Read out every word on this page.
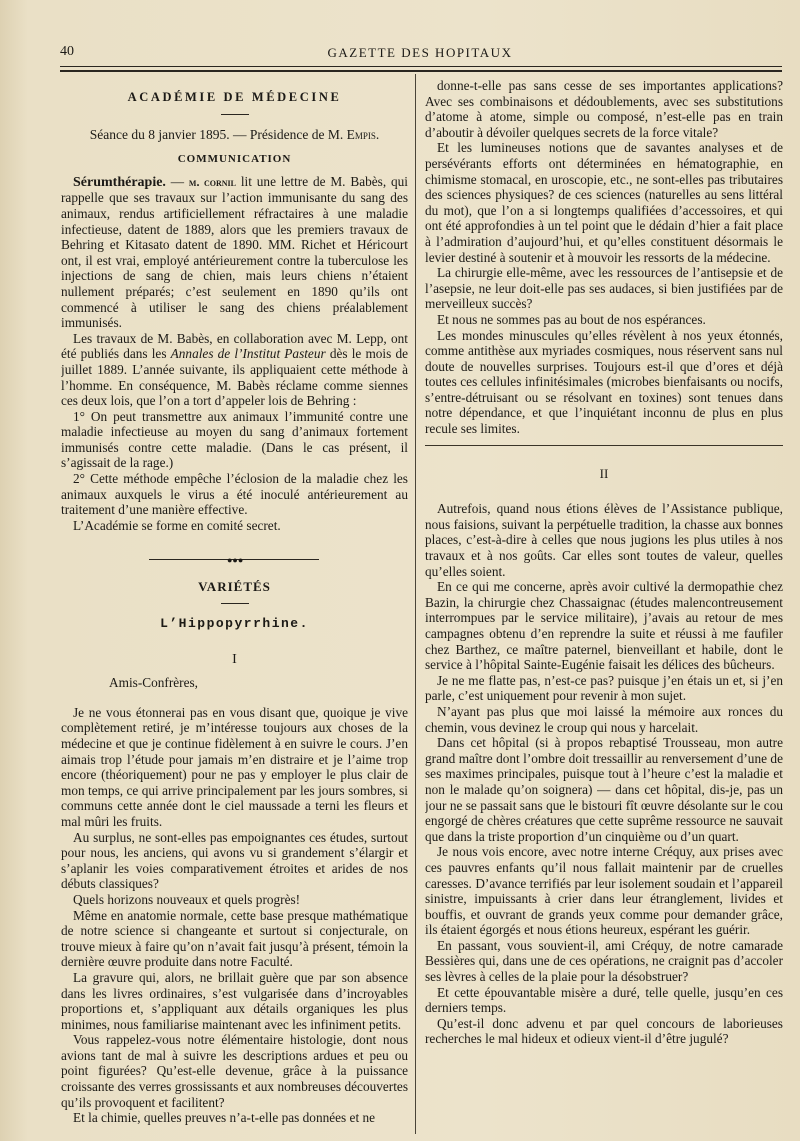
40	GAZETTE DES HOPITAUX
ACADÉMIE DE MÉDECINE

Séance du 8 janvier 1895. — Présidence de M. Empis.

COMMUNICATION

Sérumthérapie. — m. cornil lit une lettre de M. Babès, qui rappelle que ses travaux sur l’action immunisante du sang des animaux, rendus artificiellement réfractaires à une maladie infectieuse, datent de 1889, alors que les premiers travaux de Behring et Kitasato datent de 1890. MM. Richet et Héricourt ont, il est vrai, employé antérieurement contre la tuberculose les injections de sang de chien, mais leurs chiens n’étaient nullement préparés; c’est seulement en 1890 qu’ils ont commencé à utiliser le sang des chiens préalablement immunisés.

Les travaux de M. Babès, en collaboration avec M. Lepp, ont été publiés dans les Annales de l’Institut Pasteur dès le mois de juillet 1889. L’année suivante, ils appliquaient cette méthode à l’homme. En conséquence, M. Babès réclame comme siennes ces deux lois, que l’on a tort d’appeler lois de Behring :

1° On peut transmettre aux animaux l’immunité contre une maladie infectieuse au moyen du sang d’animaux fortement immunisés contre cette maladie. (Dans le cas présent, il s’agissait de la rage.)

2° Cette méthode empêche l’éclosion de la maladie chez les animaux auxquels le virus a été inoculé antérieurement au traitement d’une manière effective.

L’Académie se forme en comité secret.

●●●
VARIÉTÉS
L’Hippopyrrhine.
I

Amis-Confrères,

Je ne vous étonnerai pas en vous disant que, quoique je vive complètement retiré, je m’intéresse toujours aux choses de la médecine et que je continue fidèlement à en suivre le cours. J’en aimais trop l’étude pour jamais m’en distraire et je l’aime trop encore (théoriquement) pour ne pas y employer le plus clair de mon temps, ce qui arrive principalement par les jours sombres, si communs cette année dont le ciel maussade a terni les fleurs et mal mûri les fruits.

Au surplus, ne sont-elles pas empoignantes ces études, surtout pour nous, les anciens, qui avons vu si grandement s’élargir et s’aplanir les voies comparativement étroites et arides de nos débuts classiques?

Quels horizons nouveaux et quels progrès!

Même en anatomie normale, cette base presque mathématique de notre science si changeante et surtout si conjecturale, on trouve mieux à faire qu’on n’avait fait jusqu’à présent, témoin la dernière œuvre produite dans notre Faculté.

La gravure qui, alors, ne brillait guère que par son absence dans les livres ordinaires, s’est vulgarisée dans d’incroyables proportions et, s’appliquant aux détails organiques les plus minimes, nous familiarise maintenant avec les infiniment petits.

Vous rappelez-vous notre élémentaire histologie, dont nous avions tant de mal à suivre les descriptions ardues et peu ou point figurées? Qu’est-elle devenue, grâce à la puissance croissante des verres grossissants et aux nombreuses découvertes qu’ils provoquent et facilitent?

Et la chimie, quelles preuves n’a-t-elle pas données et ne

donne-t-elle pas sans cesse de ses importantes applications? Avec ses combinaisons et dédoublements, avec ses substitutions d’atome à atome, simple ou composé, n’est-elle pas en train d’aboutir à dévoiler quelques secrets de la force vitale?

Et les lumineuses notions que de savantes analyses et de persévérants efforts ont déterminées en hématographie, en chimisme stomacal, en uroscopie, etc., ne sont-elles pas tributaires des sciences physiques? de ces sciences (naturelles au sens littéral du mot), que l’on a si longtemps qualifiées d’accessoires, et qui ont été approfondies à un tel point que le dédain d’hier a fait place à l’admiration d’aujourd’hui, et qu’elles constituent désormais le levier destiné à soutenir et à mouvoir les ressorts de la médecine.

La chirurgie elle-même, avec les ressources de l’antisepsie et de l’asepsie, ne leur doit-elle pas ses audaces, si bien justifiées par de merveilleux succès?

Et nous ne sommes pas au bout de nos espérances.

Les mondes minuscules qu’elles révèlent à nos yeux étonnés, comme antithèse aux myriades cosmiques, nous réservent sans nul doute de nouvelles surprises. Toujours est-il que d’ores et déjà toutes ces cellules infinitésimales (microbes bienfaisants ou nocifs, s’entre-détruisant ou se résolvant en toxines) sont tenues dans notre dépendance, et que l’inquiétant inconnu de plus en plus recule ses limites.

II

Autrefois, quand nous étions élèves de l’Assistance publique, nous faisions, suivant la perpétuelle tradition, la chasse aux bonnes places, c’est-à-dire à celles que nous jugions les plus utiles à nos travaux et à nos goûts. Car elles sont toutes de valeur, quelles qu’elles soient.

En ce qui me concerne, après avoir cultivé la dermopathie chez Bazin, la chirurgie chez Chassaignac (études malencontreusement interrompues par le service militaire), j’avais au retour de mes campagnes obtenu d’en reprendre la suite et réussi à me faufiler chez Barthez, ce maître paternel, bienveillant et habile, dont le service à l’hôpital Sainte-Eugénie faisait les délices des bûcheurs.

Je ne me flatte pas, n’est-ce pas? puisque j’en étais un et, si j’en parle, c’est uniquement pour revenir à mon sujet.

N’ayant pas plus que moi laissé la mémoire aux ronces du chemin, vous devinez le croup qui nous y harcelait.

Dans cet hôpital (si à propos rebaptisé Trousseau, mon autre grand maître dont l’ombre doit tressaillir au renversement d’une de ses maximes principales, puisque tout à l’heure c’est la maladie et non le malade qu’on soignera) — dans cet hôpital, dis-je, pas un jour ne se passait sans que le bistouri fît œuvre désolante sur le cou engorgé de chères créatures que cette suprême ressource ne sauvait que dans la triste proportion d’un cinquième ou d’un quart.

Je nous vois encore, avec notre interne Créquy, aux prises avec ces pauvres enfants qu’il nous fallait maintenir par de cruelles caresses. D’avance terrifiés par leur isolement soudain et l’appareil sinistre, impuissants à crier dans leur étranglement, livides et bouffis, et ouvrant de grands yeux comme pour demander grâce, ils étaient égorgés et nous étions heureux, espérant les guérir.

En passant, vous souvient-il, ami Créquy, de notre camarade Bessières qui, dans une de ces opérations, ne craignit pas d’accoler ses lèvres à celles de la plaie pour la désobstruer?

Et cette épouvantable misère a duré, telle quelle, jusqu’en ces derniers temps.

Qu’est-il donc advenu et par quel concours de laborieuses recherches le mal hideux et odieux vient-il d’être jugulé?
